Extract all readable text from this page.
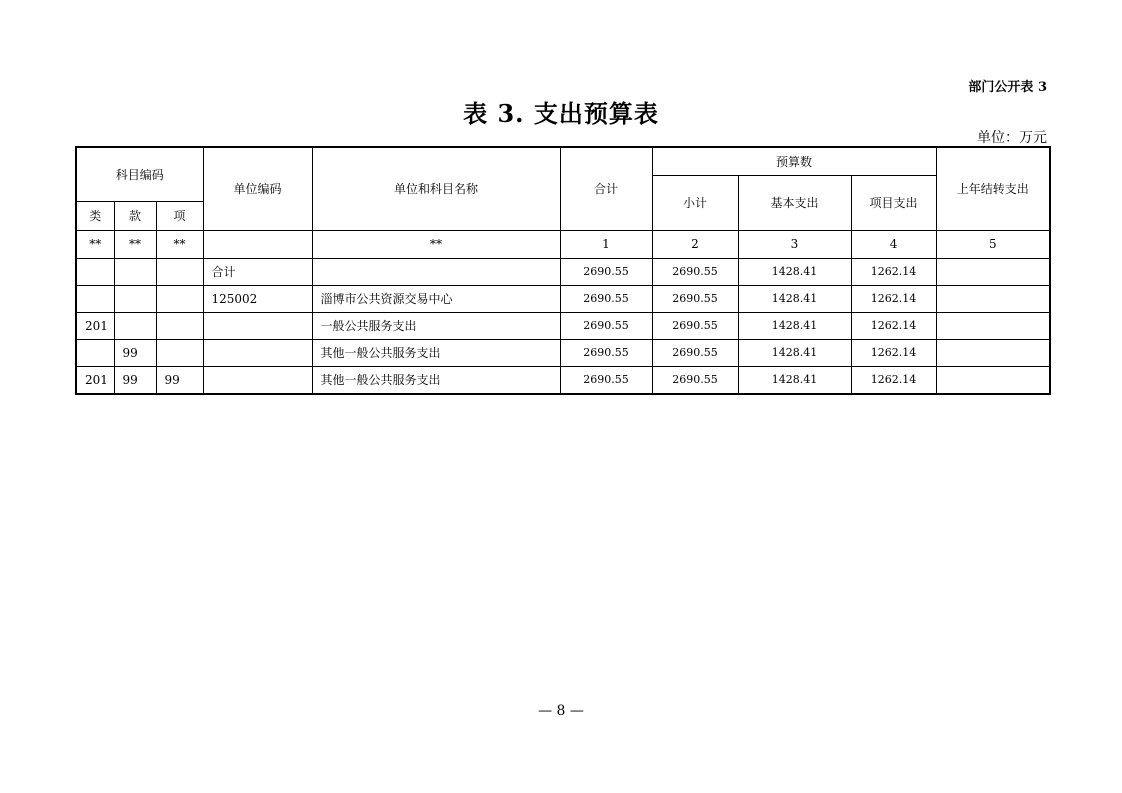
部门公开表 3
表 3. 支出预算表
单位：万元
科目编码			单位编码	单位和科目名称	合计	预算数			上年结转支出
						小计	基本支出	项目支出	
类	款	项							
**	**	**		**	1	2	3	4	5
			合计		2690.55	2690.55	1428.41	1262.14	
			125002	淄博市公共资源交易中心	2690.55	2690.55	1428.41	1262.14	
201				一般公共服务支出	2690.55	2690.55	1428.41	1262.14	
	99			其他一般公共服务支出	2690.55	2690.55	1428.41	1262.14	
201	99	99		其他一般公共服务支出	2690.55	2690.55	1428.41	1262.14	
— 8 —
